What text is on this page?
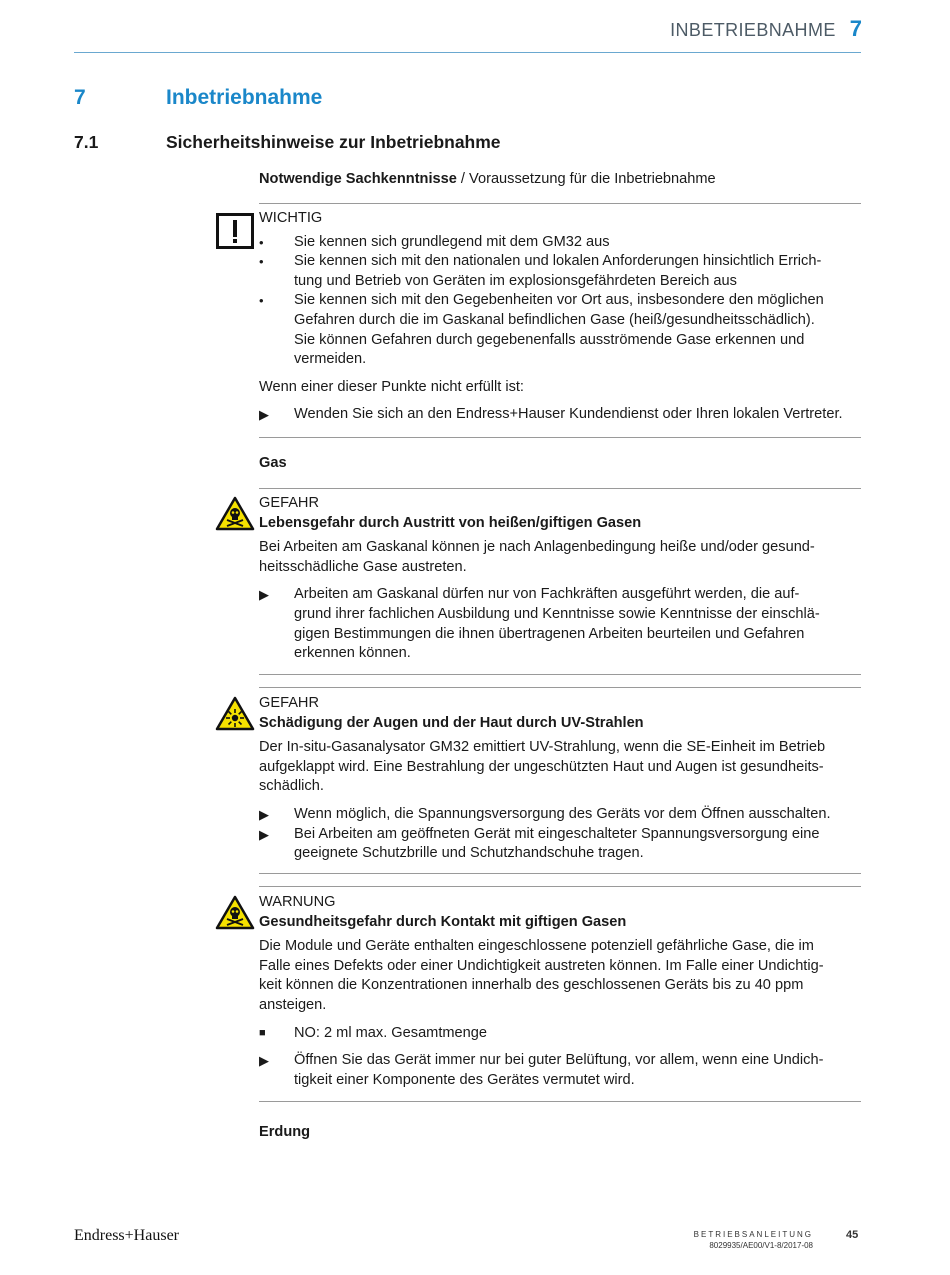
INBETRIEBNAHME 7
7	Inbetriebnahme
7.1	Sicherheitshinweise zur Inbetriebnahme
Notwendige Sachkenntnisse / Voraussetzung für die Inbetriebnahme
WICHTIG
•	Sie kennen sich grundlegend mit dem GM32 aus
•	Sie kennen sich mit den nationalen und lokalen Anforderungen hinsichtlich Errich-
tung und Betrieb von Geräten im explosionsgefährdeten Bereich aus
•	Sie kennen sich mit den Gegebenheiten vor Ort aus, insbesondere den möglichen
Gefahren durch die im Gaskanal befindlichen Gase (heiß/gesundheitsschädlich).
Sie können Gefahren durch gegebenenfalls ausströmende Gase erkennen und
vermeiden.
Wenn einer dieser Punkte nicht erfüllt ist:
▶	Wenden Sie sich an den Endress+Hauser Kundendienst oder Ihren lokalen Vertreter.
Gas
GEFAHR
Lebensgefahr durch Austritt von heißen/giftigen Gasen
Bei Arbeiten am Gaskanal können je nach Anlagenbedingung heiße und/oder gesund-
heitsschädliche Gase austreten.
▶	Arbeiten am Gaskanal dürfen nur von Fachkräften ausgeführt werden, die auf-
grund ihrer fachlichen Ausbildung und Kenntnisse sowie Kenntnisse der einschlä-
gigen Bestimmungen die ihnen übertragenen Arbeiten beurteilen und Gefahren
erkennen können.
GEFAHR
Schädigung der Augen und der Haut durch UV-Strahlen
Der In-situ-Gasanalysator GM32 emittiert UV-Strahlung, wenn die SE-Einheit im Betrieb
aufgeklappt wird. Eine Bestrahlung der ungeschützten Haut und Augen ist gesundheits-
schädlich.
▶	Wenn möglich, die Spannungsversorgung des Geräts vor dem Öffnen ausschalten.
▶	Bei Arbeiten am geöffneten Gerät mit eingeschalteter Spannungsversorgung eine
geeignete Schutzbrille und Schutzhandschuhe tragen.
WARNUNG
Gesundheitsgefahr durch Kontakt mit giftigen Gasen
Die Module und Geräte enthalten eingeschlossene potenziell gefährliche Gase, die im
Falle eines Defekts oder einer Undichtigkeit austreten können. Im Falle einer Undichtig-
keit können die Konzentrationen innerhalb des geschlossenen Geräts bis zu 40 ppm
ansteigen.
■	NO: 2 ml max. Gesamtmenge
▶	Öffnen Sie das Gerät immer nur bei guter Belüftung, vor allem, wenn eine Undich-
tigkeit einer Komponente des Gerätes vermutet wird.
Erdung
Endress+Hauser	BETRIEBSANLEITUNG
8029935/AE00/V1-8/2017-08
45
